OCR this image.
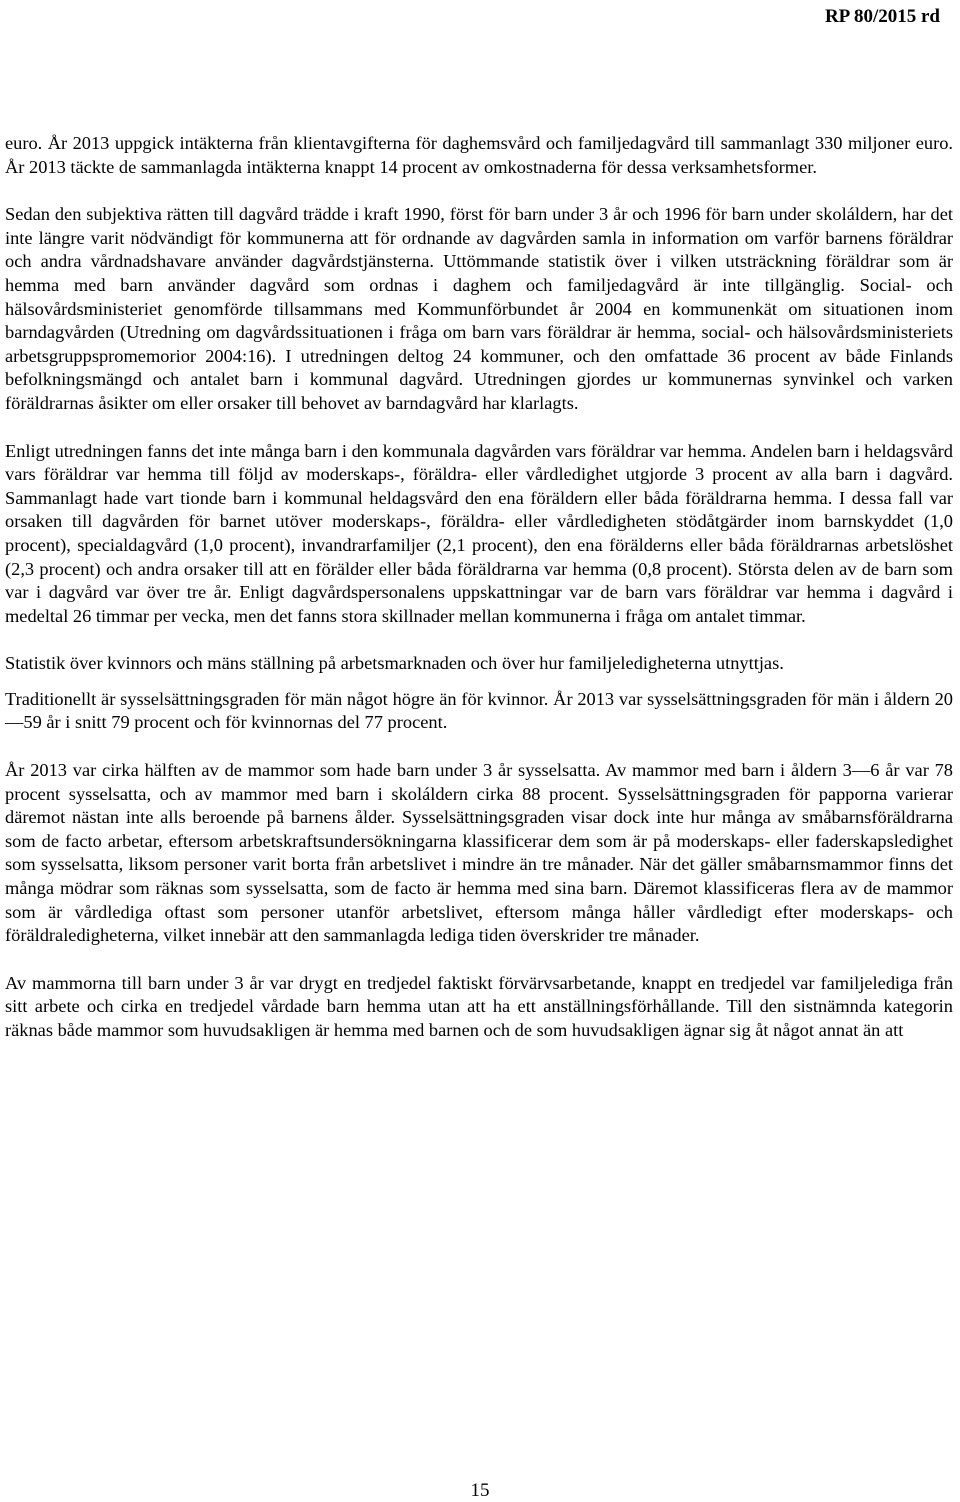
RP 80/2015 rd

euro. År 2013 uppgick intäkterna från klientavgifterna för daghemsvård och familjedagvård till sammanlagt 330 miljoner euro. År 2013 täckte de sammanlagda intäkterna knappt 14 procent av omkostnaderna för dessa verksamhetsformer.

Sedan den subjektiva rätten till dagvård trädde i kraft 1990, först för barn under 3 år och 1996 för barn under skoláldern, har det inte längre varit nödvändigt för kommunerna att för ordnande av dagvården samla in information om varför barnens föräldrar och andra vårdnadshavare använder dagvårdstjänsterna. Uttömmande statistik över i vilken utsträckning föräldrar som är hemma med barn använder dagvård som ordnas i daghem och familjedagvård är inte tillgänglig. Social- och hälsovårdsministeriet genomförde tillsammans med Kommunförbundet år 2004 en kommunenkät om situationen inom barndagvården (Utredning om dagvårdssituationen i fråga om barn vars föräldrar är hemma, social- och hälsovårdsministeriets arbetsgruppspromemorior 2004:16). I utredningen deltog 24 kommuner, och den omfattade 36 procent av både Finlands befolkningsmängd och antalet barn i kommunal dagvård. Utredningen gjordes ur kommunernas synvinkel och varken föräldrarnas åsikter om eller orsaker till behovet av barndagvård har klarlagts.

Enligt utredningen fanns det inte många barn i den kommunala dagvården vars föräldrar var hemma. Andelen barn i heldagsvård vars föräldrar var hemma till följd av moderskaps-, föräldra- eller vårdledighet utgjorde 3 procent av alla barn i dagvård. Sammanlagt hade vart tionde barn i kommunal heldagsvård den ena föräldern eller båda föräldrarna hemma. I dessa fall var orsaken till dagvården för barnet utöver moderskaps-, föräldra- eller vårdledigheten stödåtgärder inom barnskyddet (1,0 procent), specialdagvård (1,0 procent), invandrarfamiljer (2,1 procent), den ena förälderns eller båda föräldrarnas arbetslöshet (2,3 procent) och andra orsaker till att en förälder eller båda föräldrarna var hemma (0,8 procent). Största delen av de barn som var i dagvård var över tre år. Enligt dagvårdspersonalens uppskattningar var de barn vars föräldrar var hemma i dagvård i medeltal 26 timmar per vecka, men det fanns stora skillnader mellan kommunerna i fråga om antalet timmar.

Statistik över kvinnors och mäns ställning på arbetsmarknaden och över hur familjeledigheterna utnyttjas.

Traditionellt är sysselsättningsgraden för män något högre än för kvinnor. År 2013 var sysselsättningsgraden för män i åldern 20—59 år i snitt 79 procent och för kvinnornas del 77 procent.

År 2013 var cirka hälften av de mammor som hade barn under 3 år sysselsatta. Av mammor med barn i åldern 3—6 år var 78 procent sysselsatta, och av mammor med barn i skoláldern cirka 88 procent. Sysselsättningsgraden för papporna varierar däremot nästan inte alls beroende på barnens ålder. Sysselsättningsgraden visar dock inte hur många av småbarnsföräldrarna som de facto arbetar, eftersom arbetskraftsundersökningarna klassificerar dem som är på moderskaps- eller faderskapsledighet som sysselsatta, liksom personer varit borta från arbetslivet i mindre än tre månader. När det gäller småbarnsmammor finns det många mödrar som räknas som sysselsatta, som de facto är hemma med sina barn. Däremot klassificeras flera av de mammor som är vårdlediga oftast som personer utanför arbetslivet, eftersom många håller vårdledigt efter moderskaps- och föräldraledigheterna, vilket innebär att den sammanlagda lediga tiden överskrider tre månader.

Av mammorna till barn under 3 år var drygt en tredjedel faktiskt förvärvsarbetande, knappt en tredjedel var familjelediga från sitt arbete och cirka en tredjedel vårdade barn hemma utan att ha ett anställningsförhållande. Till den sistnämnda kategorin räknas både mammor som huvudsakligen är hemma med barnen och de som huvudsakligen ägnar sig åt något annat än att

15
